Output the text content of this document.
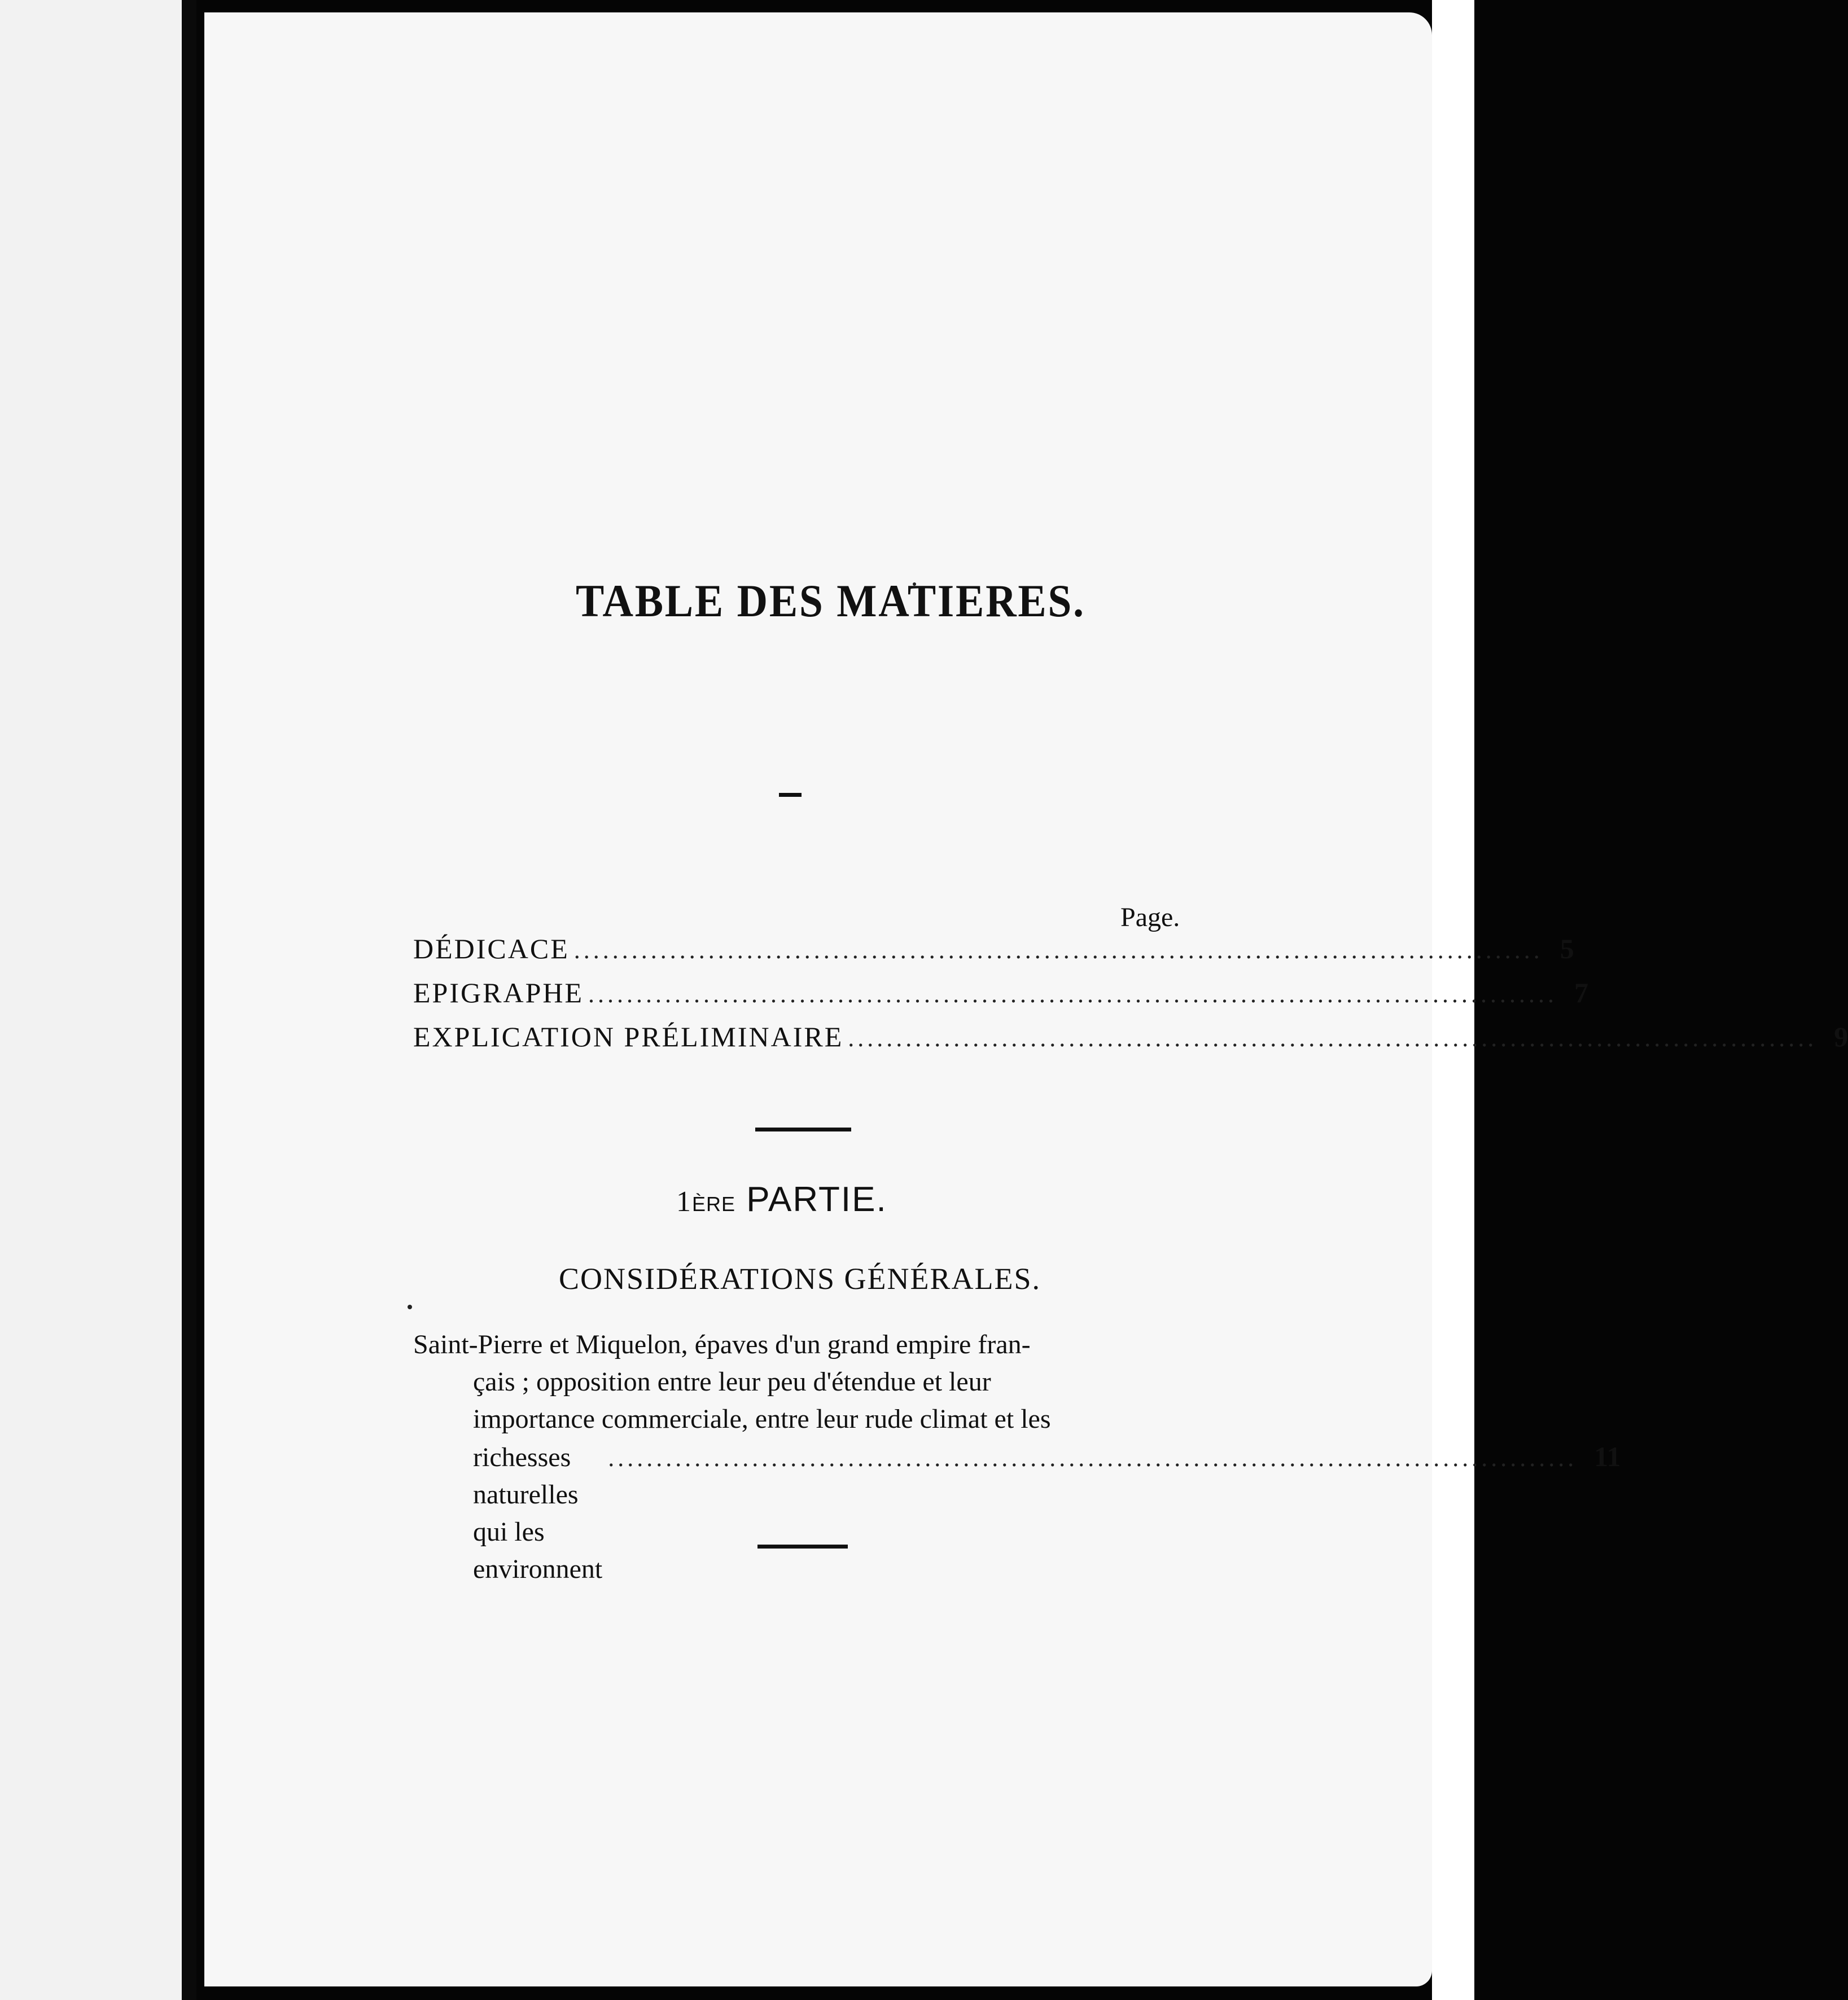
TABLE DES MATIERES.
Page.
DÉDICACE ..................................................................................................... 5
EPIGRAPHE ..................................................................................................... 7
EXPLICATION PRÉLIMINAIRE ..................................................................................................... 9
1ÈRE PARTIE.
CONSIDÉRATIONS GÉNÉRALES.
Saint-Pierre et Miquelon, épaves d'un grand empire fran-
çais ; opposition entre leur peu d'étendue et leur
importance commerciale, entre leur rude climat et les
richesses naturelles qui les environnent
..................................................................................................... 11
